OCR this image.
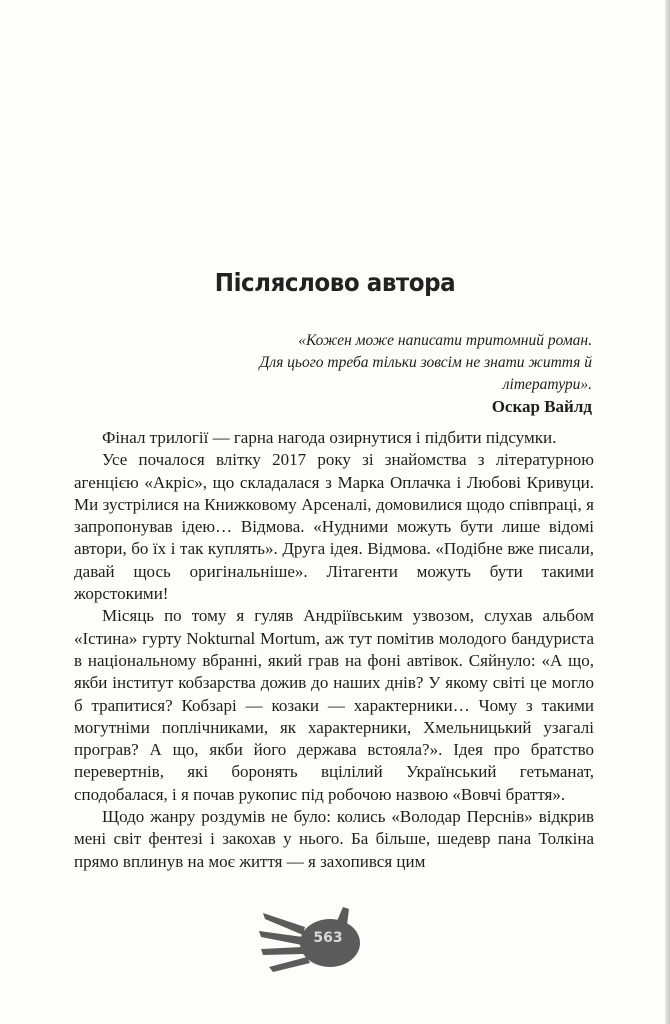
Післяслово автора
«Кожен може написати тритомний роман.
Для цього треба тільки зовсім не знати життя й літератури».
Оскар Вайлд

Фінал трилогії — гарна нагода озирнутися і підбити підсумки.

Усе почалося влітку 2017 року зі знайомства з літературною агенцією «Акріс», що складалася з Марка Оплачка і Любові Кривуци. Ми зустрілися на Книжковому Арсеналі, домовилися щодо співпраці, я запропонував ідею… Відмова. «Нудними можуть бути лише відомі автори, бо їх і так куплять». Друга ідея. Відмова. «Подібне вже писали, давай щось оригінальніше». Літагенти можуть бути такими жорстокими!

Місяць по тому я гуляв Андріївським узвозом, слухав альбом «Істина» гурту Nokturnal Mortum, аж тут помітив молодого бандуриста в національному вбранні, який грав на фоні автівок. Сяйнуло: «А що, якби інститут кобзарства дожив до наших днів? У якому світі це могло б трапитися? Кобзарі — козаки — характерники… Чому з такими могутніми поплічниками, як характерники, Хмельницький узагалі програв? А що, якби його держава встояла?». Ідея про братство перевертнів, які боронять вцілілий Український гетьманат, сподобалася, і я почав рукопис під робочою назвою «Вовчі браття».

Щодо жанру роздумів не було: колись «Володар Перснів» відкрив мені світ фентезі і закохав у нього. Ба більше, шедевр пана Толкіна прямо вплинув на моє життя — я захопився цим

563
